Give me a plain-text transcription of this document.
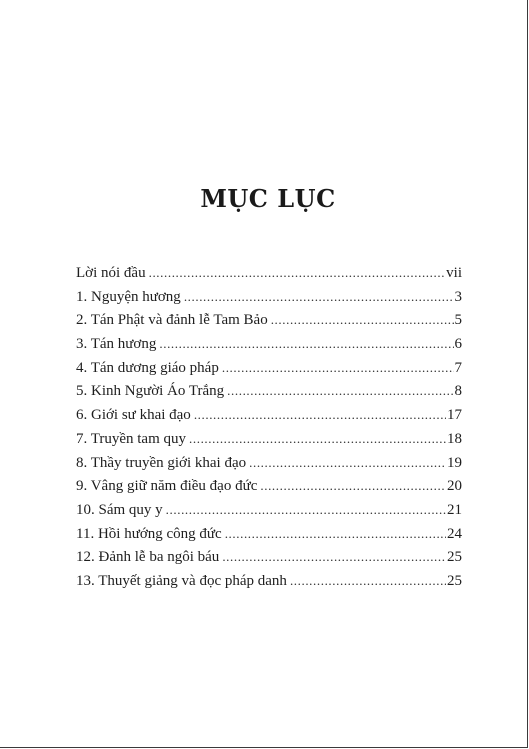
MỤC LỤC
Lời nói đầu .....	vii
1. Nguyện hương .....	3
2. Tán Phật và đảnh lễ Tam Bảo .....	5
3. Tán hương .....	6
4. Tán dương giáo pháp .....	7
5. Kinh Người Áo Trắng .....	8
6. Giới sư khai đạo .....	17
7. Truyền tam quy .....	18
8. Thầy truyền giới khai đạo .....	19
9. Vâng giữ năm điều đạo đức .....	20
10. Sám quy y .....	21
11. Hồi hướng công đức .....	24
12. Đảnh lễ ba ngôi báu .....	25
13. Thuyết giảng và đọc pháp danh .....	25
